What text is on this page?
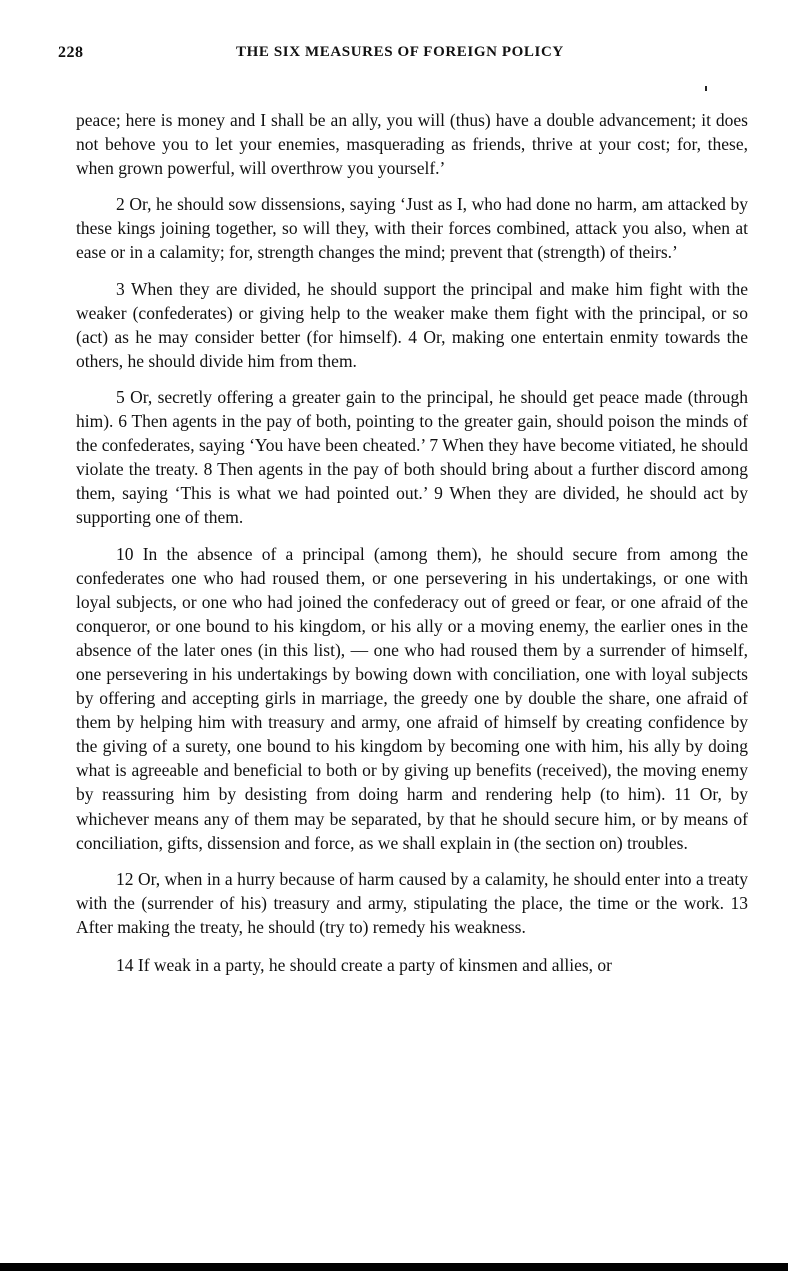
228	THE SIX MEASURES OF FOREIGN POLICY

peace; here is money and I shall be an ally, you will (thus) have a double advancement; it does not behove you to let your enemies, masquerading as friends, thrive at your cost; for, these, when grown powerful, will overthrow you yourself.’

2 Or, he should sow dissensions, saying ‘Just as I, who had done no harm, am attacked by these kings joining together, so will they, with their forces combined, attack you also, when at ease or in a calamity; for, strength changes the mind; prevent that (strength) of theirs.’

3 When they are divided, he should support the principal and make him fight with the weaker (confederates) or giving help to the weaker make them fight with the principal, or so (act) as he may consider better (for himself). 4 Or, making one entertain enmity towards the others, he should divide him from them.

5 Or, secretly offering a greater gain to the principal, he should get peace made (through him). 6 Then agents in the pay of both, pointing to the greater gain, should poison the minds of the confederates, saying ‘You have been cheated.’ 7 When they have become vitiated, he should violate the treaty. 8 Then agents in the pay of both should bring about a further discord among them, saying ‘This is what we had pointed out.’ 9 When they are divided, he should act by supporting one of them.

10 In the absence of a principal (among them), he should secure from among the confederates one who had roused them, or one persevering in his undertakings, or one with loyal subjects, or one who had joined the confederacy out of greed or fear, or one afraid of the conqueror, or one bound to his kingdom, or his ally or a moving enemy, the earlier ones in the absence of the later ones (in this list), — one who had roused them by a surrender of himself, one persevering in his undertakings by bowing down with conciliation, one with loyal subjects by offering and accepting girls in marriage, the greedy one by double the share, one afraid of them by helping him with treasury and army, one afraid of himself by creating confidence by the giving of a surety, one bound to his kingdom by becoming one with him, his ally by doing what is agreeable and beneficial to both or by giving up benefits (received), the moving enemy by reassuring him by desisting from doing harm and rendering help (to him). 11 Or, by whichever means any of them may be separated, by that he should secure him, or by means of conciliation, gifts, dissension and force, as we shall explain in (the section on) troubles.

12 Or, when in a hurry because of harm caused by a calamity, he should enter into a treaty with the (surrender of his) treasury and army, stipulating the place, the time or the work. 13 After making the treaty, he should (try to) remedy his weakness.

14 If weak in a party, he should create a party of kinsmen and allies, or
